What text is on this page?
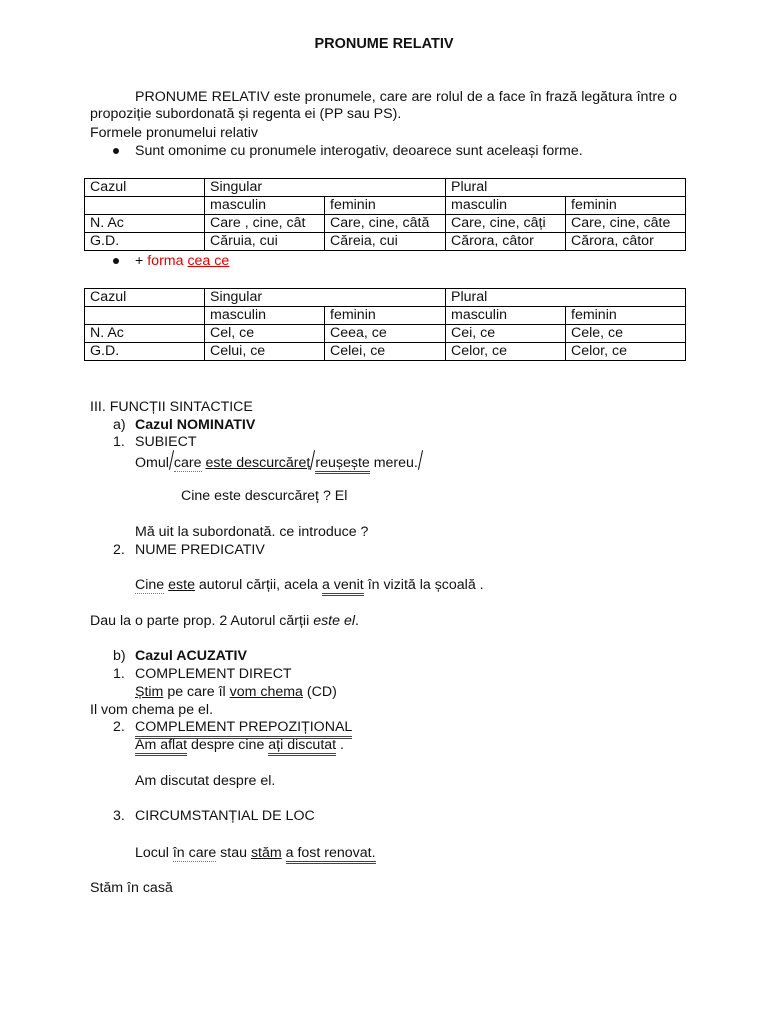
PRONUME RELATIV
PRONUME RELATIV este pronumele, care are rolul de a face în frază legătura între o propoziție subordonată și regenta ei (PP sau PS).
Formele pronumelui relativ
Sunt omonime cu pronumele interogativ, deoarece sunt aceleași forme.
Cazul	Singular		Plural	
	masculin	feminin	masculin	feminin
N. Ac	Care , cine, cât	Care, cine, câtă	Care, cine, câți	Care, cine, câte
G.D.	Căruia, cui	Căreia, cui	Cărora, câtor	Cărora, câtor
+ forma cea ce
Cazul	Singular		Plural	
	masculin	feminin	masculin	feminin
N. Ac	Cel, ce	Ceea, ce	Cei, ce	Cele, ce
G.D.	Celui, ce	Celei, ce	Celor, ce	Celor, ce
III. FUNCȚII SINTACTICE
a) Cazul NOMINATIV
1. SUBIECT
Omul care este descurcăreț reușește mereu.
Cine este descurcăreț ? El
Mă uit la subordonată. ce introduce ?
2. NUME PREDICATIV
Cine este autorul cărții, acela a venit în vizită la școală .
Dau la o parte prop. 2 Autorul cărții este el.
b) Cazul ACUZATIV
1. COMPLEMENT DIRECT
Știm pe care îl vom chema (CD)
Il vom chema pe el.
2. COMPLEMENT PREPOZIȚIONAL
Am aflat despre cine ați discutat .
Am discutat despre el.
3. CIRCUMSTANȚIAL DE LOC
Locul în care stau stăm a fost renovat.
Stăm în casă
